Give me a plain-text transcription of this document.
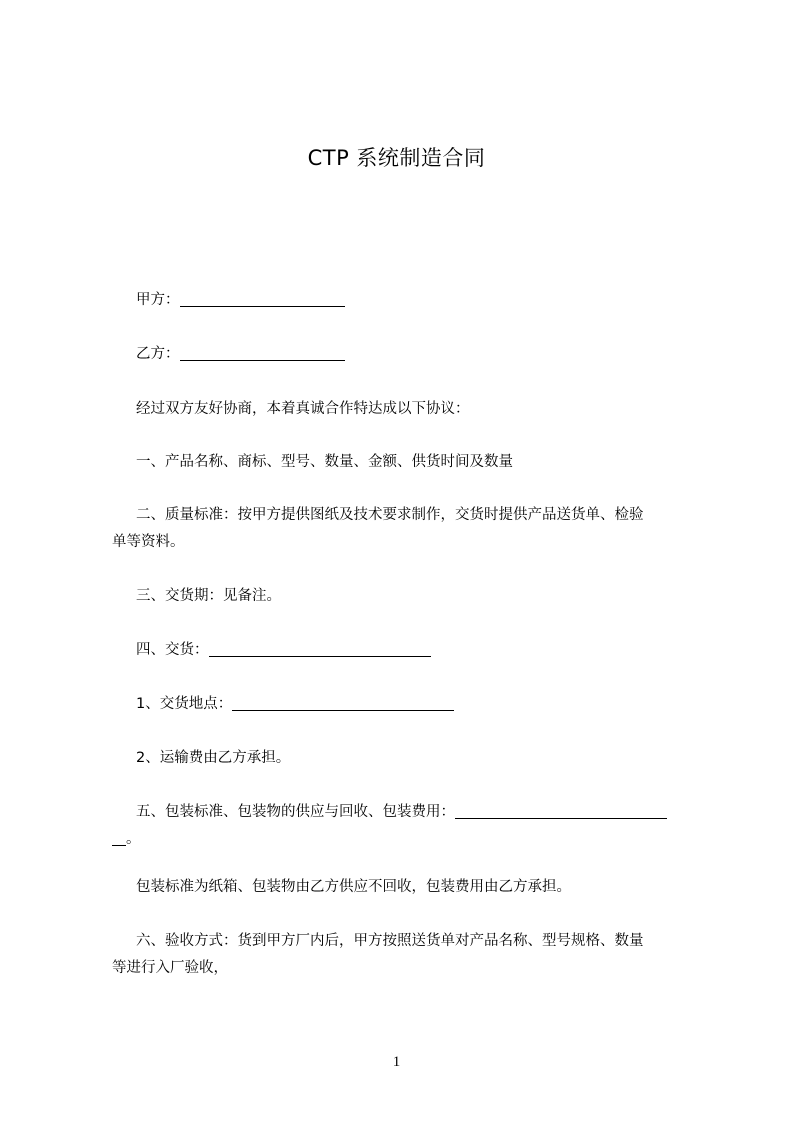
CTP 系统制造合同
甲方：
乙方：
经过双方友好协商，本着真诚合作特达成以下协议：
一、产品名称、商标、型号、数量、金额、供货时间及数量
二、质量标准：按甲方提供图纸及技术要求制作，交货时提供产品送货单、检验
单等资料。
三、交货期：见备注。
四、交货：
1、交货地点：
2、运输费由乙方承担。
五、包装标准、包装物的供应与回收、包装费用：
。
包装标准为纸箱、包装物由乙方供应不回收，包装费用由乙方承担。
六、验收方式：货到甲方厂内后，甲方按照送货单对产品名称、型号规格、数量
等进行入厂验收，
1
